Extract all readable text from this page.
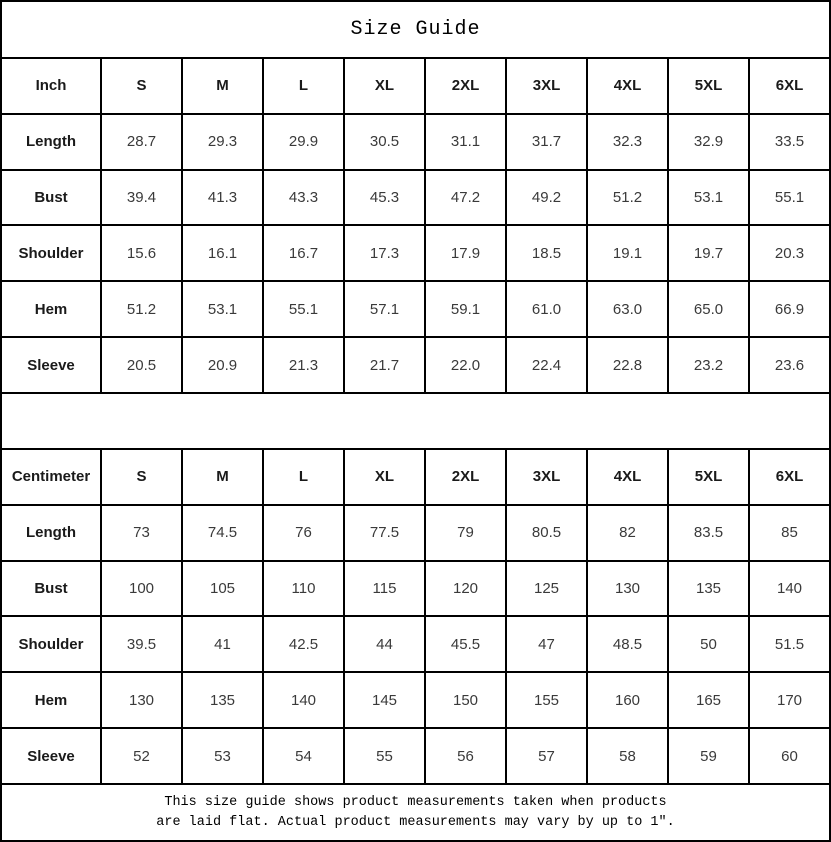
Size Guide									
Inch	S	M	L	XL	2XL	3XL	4XL	5XL	6XL
Length	28.7	29.3	29.9	30.5	31.1	31.7	32.3	32.9	33.5
Bust	39.4	41.3	43.3	45.3	47.2	49.2	51.2	53.1	55.1
Shoulder	15.6	16.1	16.7	17.3	17.9	18.5	19.1	19.7	20.3
Hem	51.2	53.1	55.1	57.1	59.1	61.0	63.0	65.0	66.9
Sleeve	20.5	20.9	21.3	21.7	22.0	22.4	22.8	23.2	23.6

Centimeter	S	M	L	XL	2XL	3XL	4XL	5XL	6XL
Length	73	74.5	76	77.5	79	80.5	82	83.5	85
Bust	100	105	110	115	120	125	130	135	140
Shoulder	39.5	41	42.5	44	45.5	47	48.5	50	51.5
Hem	130	135	140	145	150	155	160	165	170
Sleeve	52	53	54	55	56	57	58	59	60

This size guide shows product measurements taken when products
are laid flat. Actual product measurements may vary by up to 1″.									
